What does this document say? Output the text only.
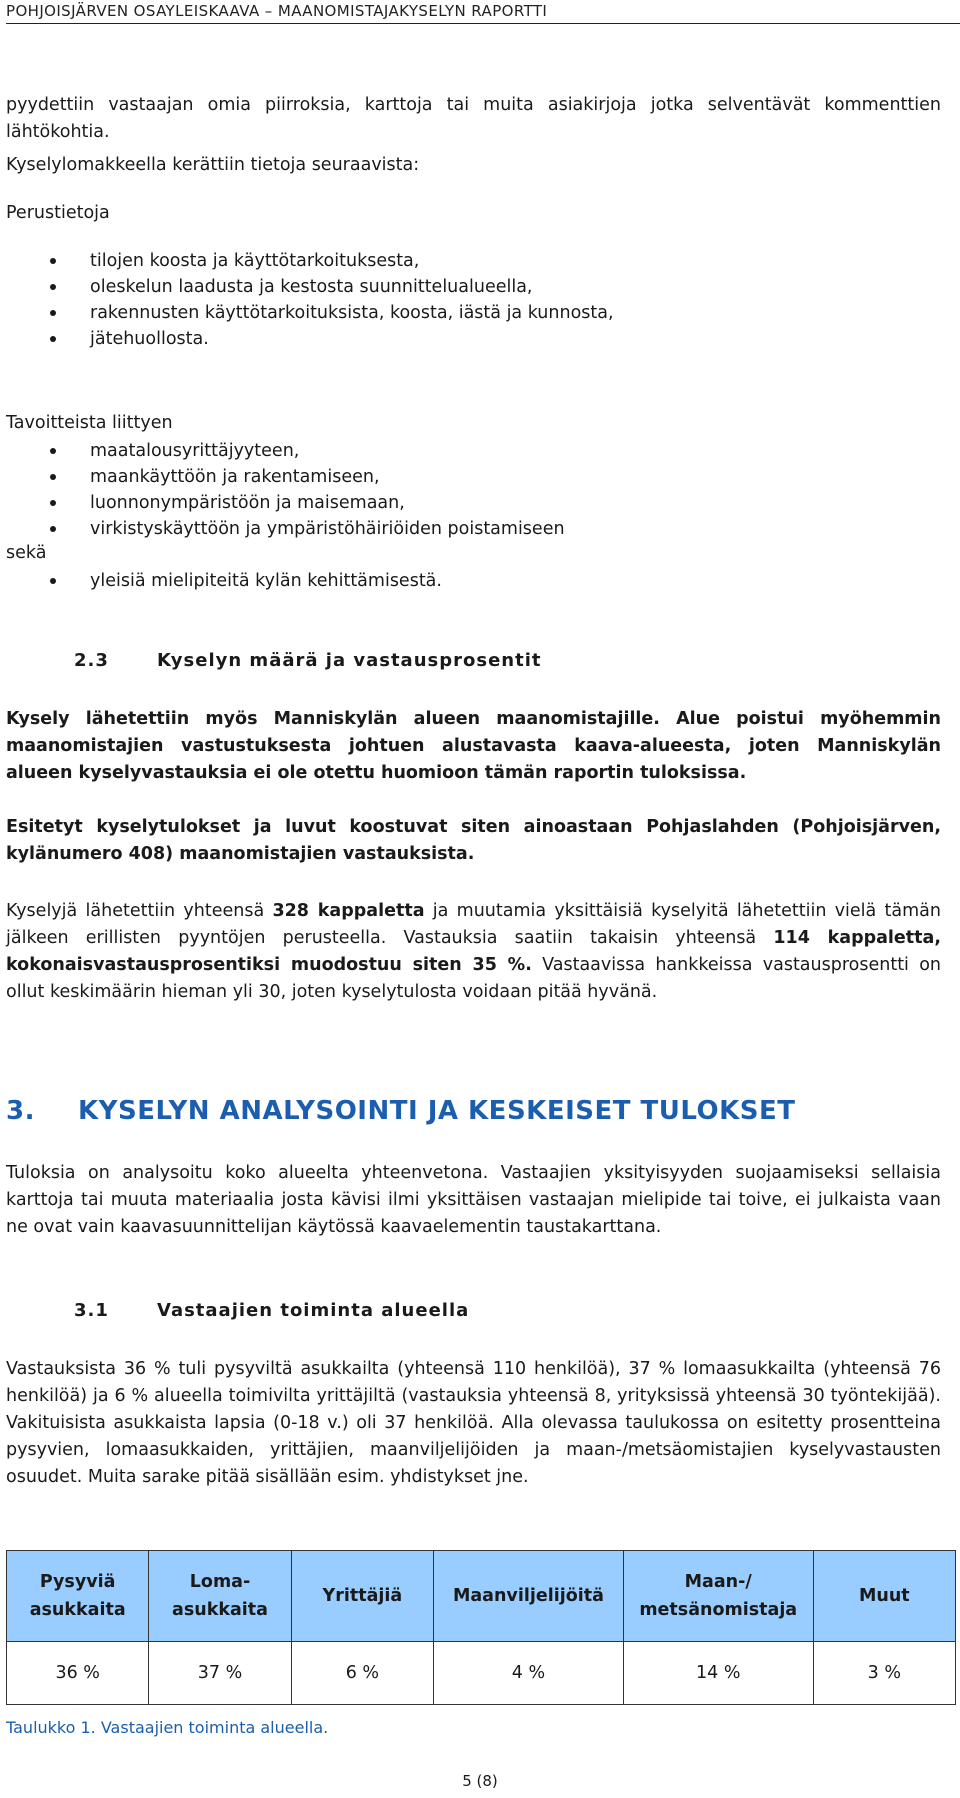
POHJOISJÄRVEN OSAYLEISKAAVA – MAANOMISTAJAKYSELYN RAPORTTI
pyydettiin vastaajan omia piirroksia, karttoja tai muita asiakirjoja jotka selventävät kommenttien lähtökohtia.
Kyselylomakkeella kerättiin tietoja seuraavista:
Perustietoja
tilojen koosta ja käyttötarkoituksesta,
oleskelun laadusta ja kestosta suunnittelualueella,
rakennusten käyttötarkoituksista, koosta, iästä ja kunnosta,
jätehuollosta.
Tavoitteista liittyen
maatalousyrittäjyyteen,
maankäyttöön ja rakentamiseen,
luonnonympäristöön ja maisemaan,
virkistyskäyttöön ja ympäristöhäiriöiden poistamiseen
sekä
yleisiä mielipiteitä kylän kehittämisestä.
2.3	Kyselyn määrä ja vastausprosentit
Kysely lähetettiin myös Manniskylän alueen maanomistajille. Alue poistui myöhemmin maanomistajien vastustuksesta johtuen alustavasta kaava-alueesta, joten Manniskylän alueen kyselyvastauksia ei ole otettu huomioon tämän raportin tuloksissa.
Esitetyt kyselytulokset ja luvut koostuvat siten ainoastaan Pohjaslahden (Pohjoisjärven, kylänumero 408) maanomistajien vastauksista.
Kyselyjä lähetettiin yhteensä 328 kappaletta ja muutamia yksittäisiä kyselyitä lähetettiin vielä tämän jälkeen erillisten pyyntöjen perusteella. Vastauksia saatiin takaisin yhteensä 114 kappaletta, kokonaisvastausprosentiksi muodostuu siten 35 %. Vastaavissa hankkeissa vastausprosentti on ollut keskimäärin hieman yli 30, joten kyselytulosta voidaan pitää hyvänä.
3. KYSELYN ANALYSOINTI JA KESKEISET TULOKSET
Tuloksia on analysoitu koko alueelta yhteenvetona. Vastaajien yksityisyyden suojaamiseksi sellaisia karttoja tai muuta materiaalia josta kävisi ilmi yksittäisen vastaajan mielipide tai toive, ei julkaista vaan ne ovat vain kaavasuunnittelijan käytössä kaavaelementin taustakarttana.
3.1	Vastaajien toiminta alueella
Vastauksista 36 % tuli pysyviltä asukkailta (yhteensä 110 henkilöä), 37 % lomaasukkailta (yhteensä 76 henkilöä) ja 6 % alueella toimivilta yrittäjiltä (vastauksia yhteensä 8, yrityksissä yhteensä 30 työntekijää). Vakituisista asukkaista lapsia (0-18 v.) oli 37 henkilöä. Alla olevassa taulukossa on esitetty prosentteina pysyvien, lomaasukkaiden, yrittäjien, maanviljelijöiden ja maan-/metsäomistajien kyselyvastausten osuudet. Muita sarake pitää sisällään esim. yhdistykset jne.
Pysyviä asukkaita	Loma-asukkaita	Yrittäjiä	Maanviljelijöitä	Maan-/ metsänomistaja	Muut
36 %	37 %	6 %	4 %	14 %	3 %
Taulukko 1. Vastaajien toiminta alueella.
5 (8)
